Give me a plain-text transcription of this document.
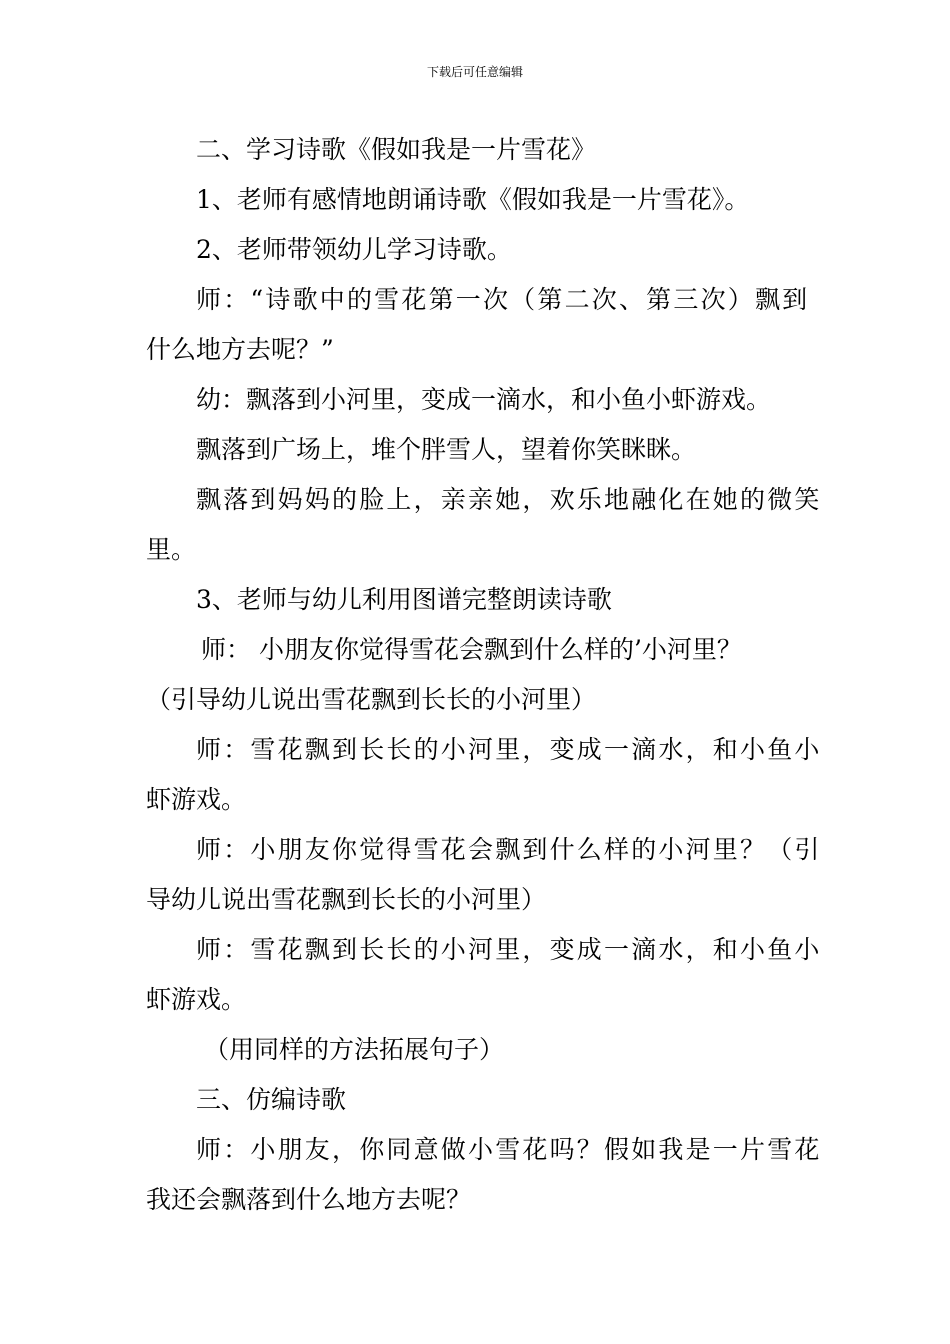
下载后可任意编辑

二、学习诗歌《假如我是一片雪花》

1、老师有感情地朗诵诗歌《假如我是一片雪花》。

2、老师带领幼儿学习诗歌。

师：“诗歌中的雪花第一次（第二次、第三次）飘到

什么地方去呢？”

幼：飘落到小河里，变成一滴水，和小鱼小虾游戏。

飘落到广场上，堆个胖雪人，望着你笑眯眯。

飘落到妈妈的脸上，亲亲她，欢乐地融化在她的微笑

里。

3、老师与幼儿利用图谱完整朗读诗歌

师： 小朋友你觉得雪花会飘到什么样的’小河里？

（引导幼儿说出雪花飘到长长的小河里）

师：雪花飘到长长的小河里，变成一滴水，和小鱼小

虾游戏。

师：小朋友你觉得雪花会飘到什么样的小河里？（引

导幼儿说出雪花飘到长长的小河里）

师：雪花飘到长长的小河里，变成一滴水，和小鱼小

虾游戏。

（用同样的方法拓展句子）

三、仿编诗歌

师：小朋友，你同意做小雪花吗？假如我是一片雪花

我还会飘落到什么地方去呢？
